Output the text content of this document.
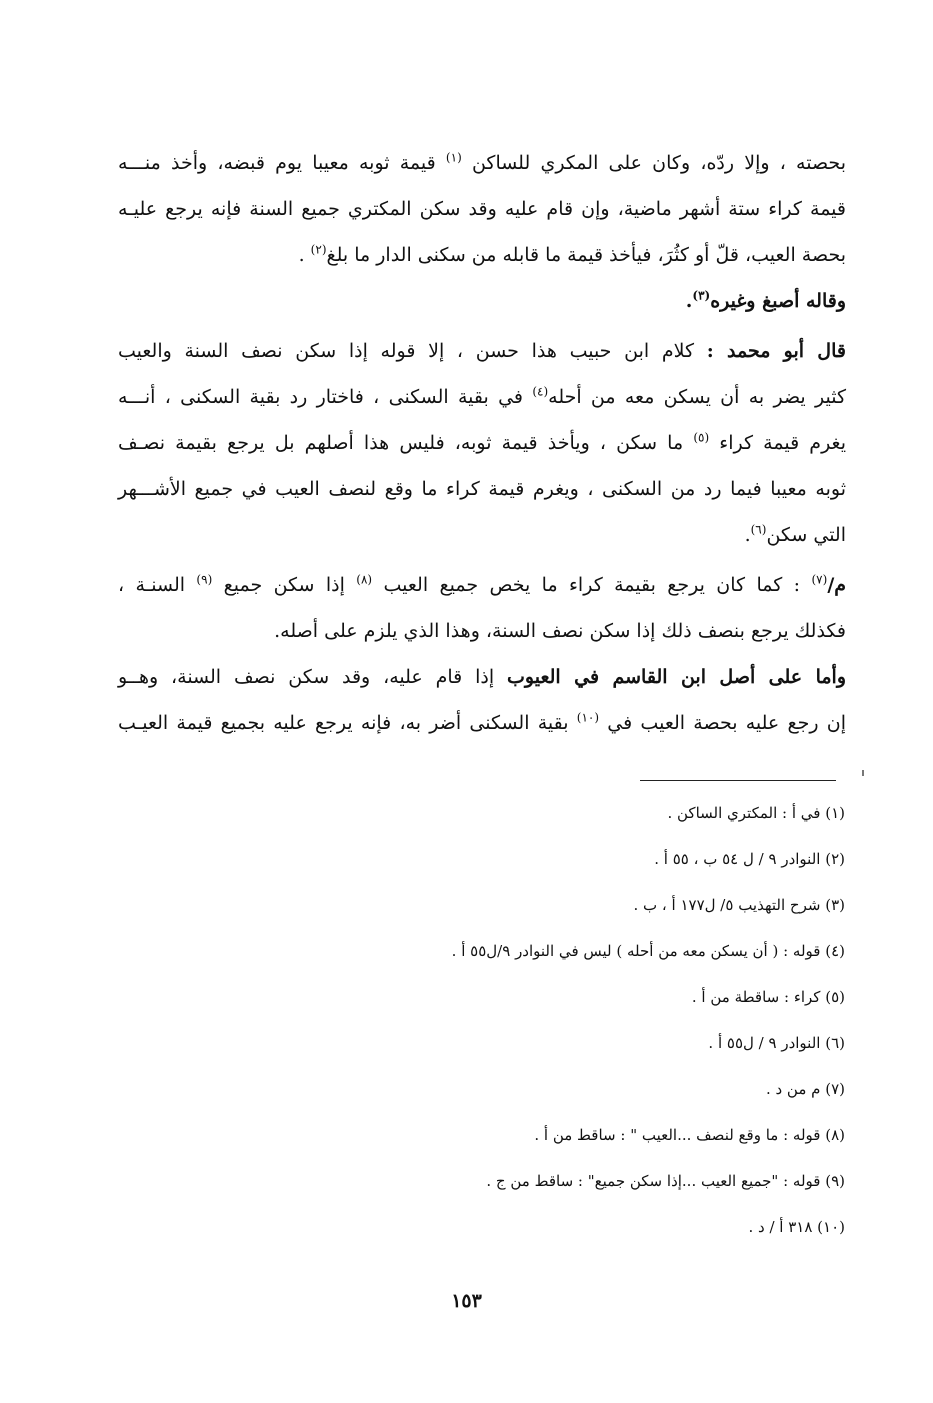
بحصته ، وإلا ردّه، وكان على المكري للساكن $^{(١)}$ قيمة ثوبه معيبا يوم قبضه، وأخذ منـــه
قيمة كراء ستة أشهر ماضية، وإن قام عليه وقد سكن المكتري جميع السنة فإنه يرجع عليـه
بحصة العيب، قلّ أو كثُرَ، فيأخذ قيمة ما قابله من سكنى الدار ما بلغ$^{(٢)}$ .

وقاله أصبغ وغيره$^{(٣)}$.

قال أبو محمد : كلام ابن حبيب هذا حسن ، إلا قوله إذا سكن نصف السنة والعيب
كثير يضر به أن يسكن معه من أحله$^{(٤)}$ في بقية السكنى ، فاختار رد بقية السكنى ، أنـــه
يغرم قيمة كراء $^{(٥)}$ ما سكن ، ويأخذ قيمة ثوبه، فليس هذا أصلهم بل يرجع بقيمة نصـف
ثوبه معيبا فيما رد من السكنى ، ويغرم قيمة كراء ما وقع لنصف العيب في جميع الأشـــهر
التي سكن$^{(٦)}$.

م/$^{(٧)}$ : كما كان يرجع بقيمة كراء ما يخص جميع العيب $^{(٨)}$ إذا سكن جميع $^{(٩)}$ السنـة ،
فكذلك يرجع بنصف ذلك إذا سكن نصف السنة، وهذا الذي يلزم على أصله.

وأما على أصل ابن القاسم في العيوب إذا قام عليه، وقد سكن نصف السنة، وهــو
إن رجع عليه بحصة العيب في $^{(١٠)}$ بقية السكنى أضر به، فإنه يرجع عليه بجميع قيمة العيـب

(١) في أ : المكتري الساكن .
(٢) النوادر ٩ / ل ٥٤ ب ، ٥٥ أ .
(٣) شرح التهذيب ٥/ ل١٧٧ أ ، ب .
(٤) قوله : ( أن يسكن معه من أحله ) ليس في النوادر ٩/ل٥٥ أ .
(٥) كراء : ساقطة من أ .
(٦) النوادر ٩ / ل٥٥ أ .
(٧) م من د .
(٨) قوله : ما وقع لنصف ...العيب " : ساقط من أ .
(٩) قوله : "جميع العيب ...إذا سكن جميع" : ساقط من ج .
(١٠) ٣١٨ أ / د .
١٥٣
